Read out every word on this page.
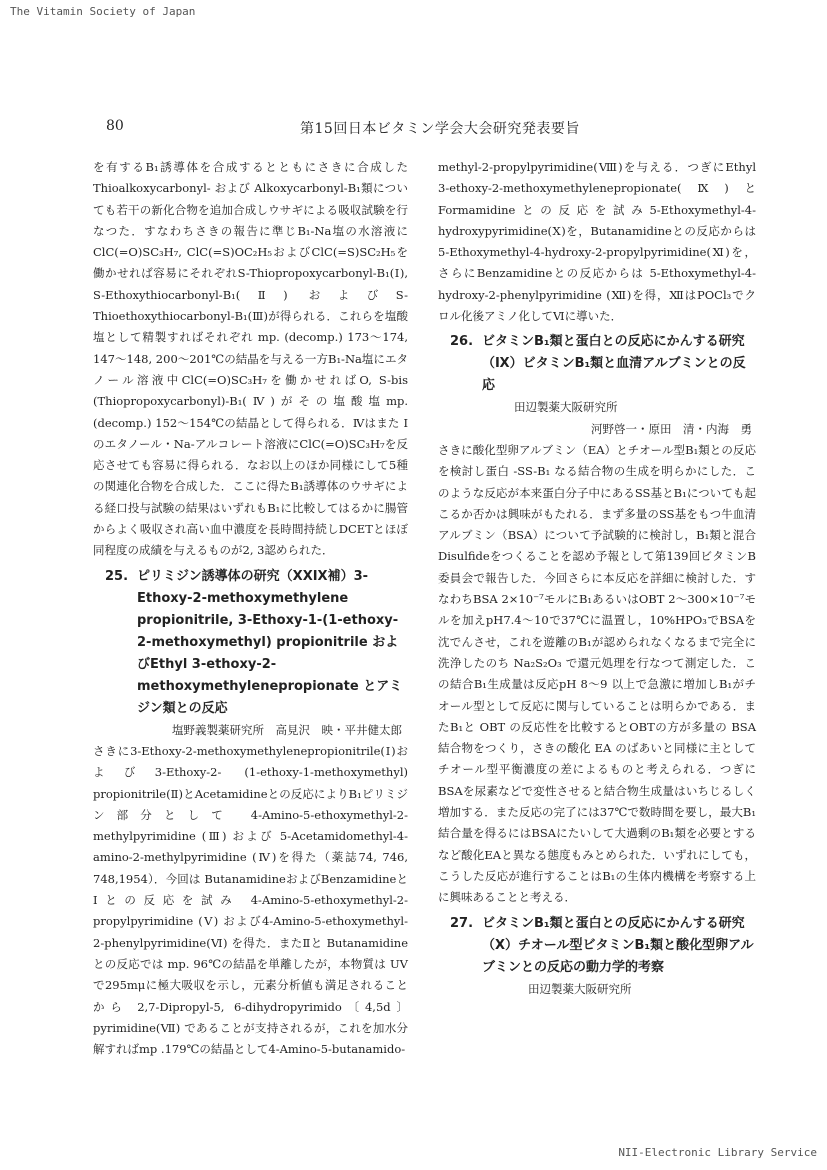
The Vitamin Society of Japan
80	第15回日本ビタミン学会大会研究発表要旨

を有するB₁誘導体を合成するとともにさきに合成したThioalkoxycarbonyl- および Alkoxycarbonyl-B₁類についても若干の新化合物を追加合成しウサギによる吸収試験を行なつた．すなわちさきの報告に準じB₁-Na塩の水溶液にClC(=O)SC₃H₇, ClC(=S)OC₂H₅およびClC(=S)SC₂H₅を働かせれば容易にそれぞれS-Thiopropoxycarbonyl-B₁(Ⅰ), S-Ethoxythiocarbonyl-B₁(Ⅱ) およびS-Thioethoxythiocarbonyl-B₁(Ⅲ)が得られる．これらを塩酸塩として精製すればそれぞれ mp. (decomp.) 173～174, 147～148, 200～201℃の結晶を与える一方B₁-Na塩にエタノール溶液中ClC(=O)SC₃H₇を働かせればO, S-bis (Thiopropoxycarbonyl)-B₁(Ⅳ)がその塩酸塩mp. (decomp.) 152～154℃の結晶として得られる．Ⅳはまた I のエタノール・Na-アルコレート溶液にClC(=O)SC₃H₇を反応させても容易に得られる．なお以上のほか同様にして5種の関連化合物を合成した．ここに得たB₁誘導体のウサギによる経口投与試験の結果はいずれもB₁に比較してはるかに腸管からよく吸収され高い血中濃度を長時間持続しDCETとほぼ同程度の成績を与えるものが2, 3認められた．

25. ピリミジン誘導体の研究（XXIX補）3-Ethoxy-2-methoxymethylene propionitrile, 3-Ethoxy-1-(1-ethoxy-2-methoxymethyl) propionitrile およびEthyl 3-ethoxy-2-methoxymethylenepropionate とアミジン類との反応

塩野義製薬研究所　高見沢　映・平井健太郎

さきに3-Ethoxy-2-methoxymethylenepropionitrile(Ⅰ)および3-Ethoxy-2- (1-ethoxy-1-methoxymethyl) propionitrile(Ⅱ)とAcetamidineとの反応によりB₁ピリミジン部分として 4-Amino-5-ethoxymethyl-2-methylpyrimidine (Ⅲ) および 5-Acetamidomethyl-4-amino-2-methylpyrimidine (Ⅳ)を得た（薬誌74, 746, 748,1954）．今回は ButanamidineおよびBenzamidineとⅠとの反応を試み 4-Amino-5-ethoxymethyl-2-propylpyrimidine (Ⅴ) および4-Amino-5-ethoxymethyl-2-phenylpyrimidine(Ⅵ) を得た．またⅡと Butanamidine との反応では mp. 96℃の結晶を単離したが，本物質は UV で295mμに極大吸収を示し，元素分析値も満足されることから 2,7-Dipropyl-5, 6-dihydropyrimido〔4,5d〕pyrimidine(Ⅶ) であることが支持されるが，これを加水分解すればmp .179℃の結晶として4-Amino-5-butanamido-

methyl-2-propylpyrimidine(Ⅷ)を与える．つぎにEthyl 3-ethoxy-2-methoxymethylenepropionate(Ⅸ)と Formamidineとの反応を試み5-Ethoxymethyl-4-hydroxypyrimidine(Ⅹ)を，Butanamidineとの反応からは5-Ethoxymethyl-4-hydroxy-2-propylpyrimidine(Ⅺ)を，さらにBenzamidineとの反応からは 5-Ethoxymethyl-4-hydroxy-2-phenylpyrimidine (Ⅻ)を得，ⅫはPOCl₃でクロル化後アミノ化してⅥに導いた．

26. ビタミンB₁類と蛋白との反応にかんする研究（Ⅸ）ビタミンB₁類と血清アルブミンとの反応

田辺製薬大阪研究所

河野啓一・原田　清・内海　勇

さきに酸化型卵アルブミン（EA）とチオール型B₁類との反応を検討し蛋白 -SS-B₁ なる結合物の生成を明らかにした．このような反応が本来蛋白分子中にあるSS基とB₁についても起こるか否かは興味がもたれる．まず多量のSS基をもつ牛血清アルブミン（BSA）について予試験的に検討し，B₁類と混合 Disulfideをつくることを認め予報として第139回ビタミンB委員会で報告した．今回さらに本反応を詳細に検討した．すなわちBSA 2×10⁻⁷モルにB₁あるいはOBT 2～300×10⁻⁷モルを加えpH7.4～10で37℃に温置し，10%HPO₃でBSAを沈でんさせ，これを遊離のB₁が認められなくなるまで完全に洗浄したのち Na₂S₂O₃ で還元処理を行なつて測定した．この結合B₁生成量は反応pH 8～9 以上で急激に増加しB₁がチオール型として反応に関与していることは明らかである．またB₁と OBT の反応性を比較するとOBTの方が多量の BSA 結合物をつくり，さきの酸化 EA のばあいと同様に主としてチオール型平衡濃度の差によるものと考えられる．つぎにBSAを尿素などで変性させると結合物生成量はいちじるしく増加する．また反応の完了には37℃で数時間を要し，最大B₁結合量を得るにはBSAにたいして大過剰のB₁類を必要とするなど酸化EAと異なる態度もみとめられた．いずれにしても，こうした反応が進行することはB₁の生体内機構を考察する上に興味あることと考える．

27. ビタミンB₁類と蛋白との反応にかんする研究（Ⅹ）チオール型ビタミンB₁類と酸化型卵アルブミンとの反応の動力学的考察

田辺製薬大阪研究所

NII-Electronic Library Service
